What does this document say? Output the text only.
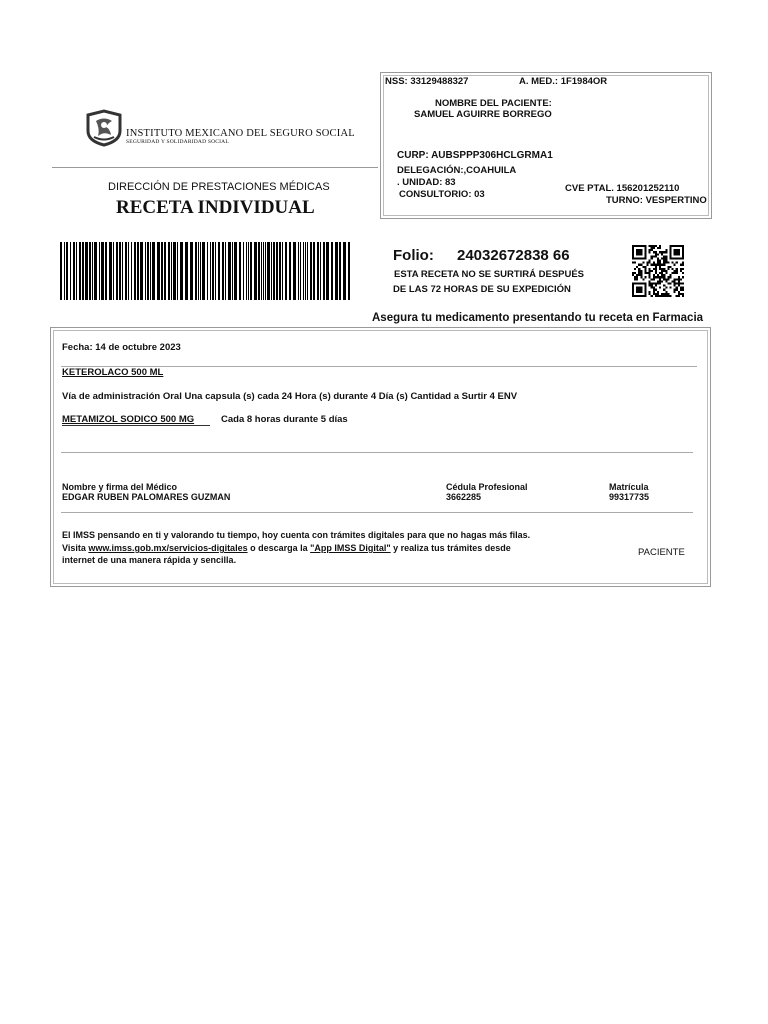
INSTITUTO MEXICANO DEL SEGURO SOCIAL
SEGURIDAD Y SOLIDARIDAD SOCIAL
DIRECCIÓN DE PRESTACIONES MÉDICAS
RECETA INDIVIDUAL
NSS: 33129488327	A. MED.: 1F1984OR
NOMBRE DEL PACIENTE:
SAMUEL AGUIRRE BORREGO
CURP: AUBSPPP306HCLGRMA1
DELEGACIÓN:,COAHUILA
. UNIDAD: 83
CONSULTORIO: 03
CVE PTAL. 156201252110
TURNO: VESPERTINO
Folio: 24032672838 66
ESTA RECETA NO SE SURTIRÁ DESPUÉS
DE LAS 72 HORAS DE SU EXPEDICIÓN
Asegura tu medicamento presentando tu receta en Farmacia
Fecha: 14 de octubre 2023
KETEROLACO 500 ML
Vía de administración Oral Una capsula (s) cada 24 Hora (s) durante 4 Día (s) Cantidad a Surtir 4 ENV
METAMIZOL SODICO 500 MG	Cada 8 horas durante 5 días
Nombre y firma del Médico
EDGAR RUBEN PALOMARES GUZMAN
Cédula Profesional
3662285
Matrícula
99317735
El IMSS pensando en ti y valorando tu tiempo, hoy cuenta con trámites digitales para que no hagas más filas.
Visita www.imss.gob.mx/servicios-digitales o descarga la "App IMSS Digital" y realiza tus trámites desde
internet de una manera rápida y sencilla.
PACIENTE
